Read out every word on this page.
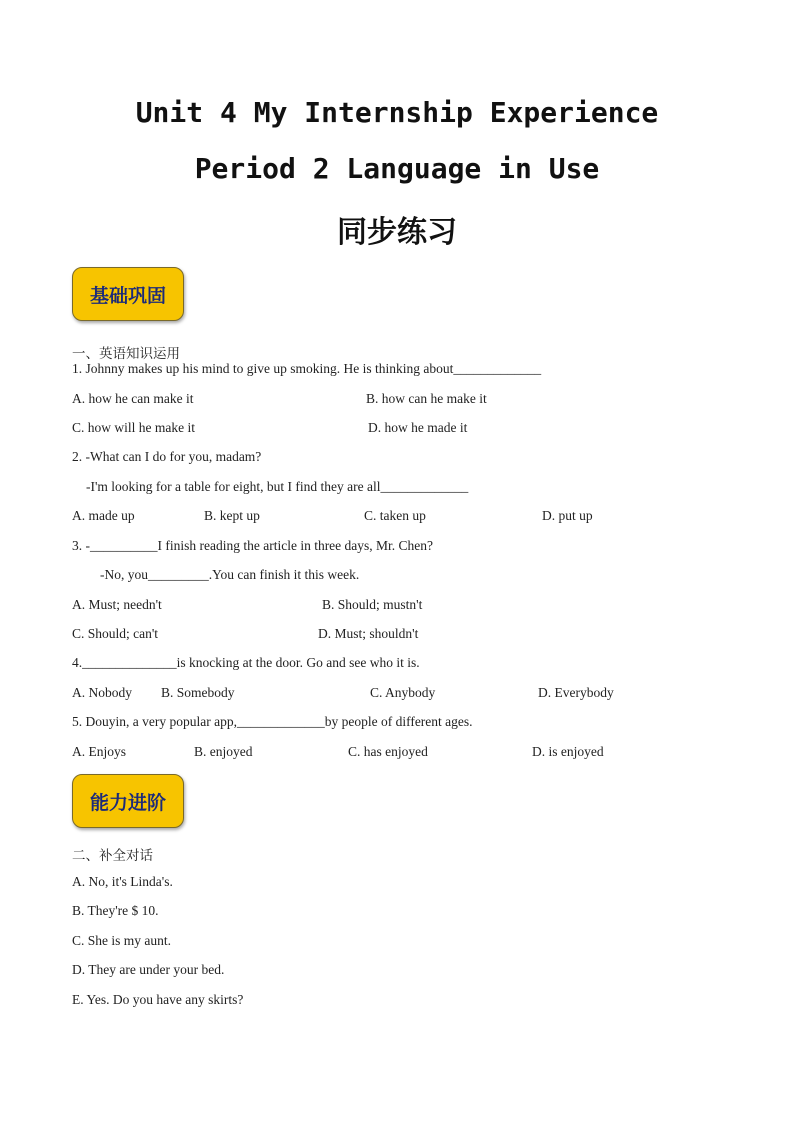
Unit 4 My Internship Experience
Period 2 Language in Use
同步练习
基础巩固
一、英语知识运用
1. Johnny makes up his mind to give up smoking. He is thinking about_____________
A. how he can make it	B. how can he make it
C. how will he make it	D. how he made it
2. -What can I do for you, madam?
-I'm looking for a table for eight, but I find they are all_____________
A. made up	B. kept up	C. taken up	D. put up
3. -__________I finish reading the article in three days, Mr. Chen?
-No, you_________.You can finish it this week.
A. Must; needn't	B. Should; mustn't
C. Should; can't	D. Must; shouldn't
4.______________is knocking at the door. Go and see who it is.
A. Nobody B. Somebody	C. Anybody	D. Everybody
5. Douyin, a very popular app,_____________by people of different ages.
A. Enjoys	B. enjoyed	C. has enjoyed	D. is enjoyed
能力进阶
二、补全对话
A. No, it's Linda's.
B. They're $ 10.
C. She is my aunt.
D. They are under your bed.
E. Yes. Do you have any skirts?
